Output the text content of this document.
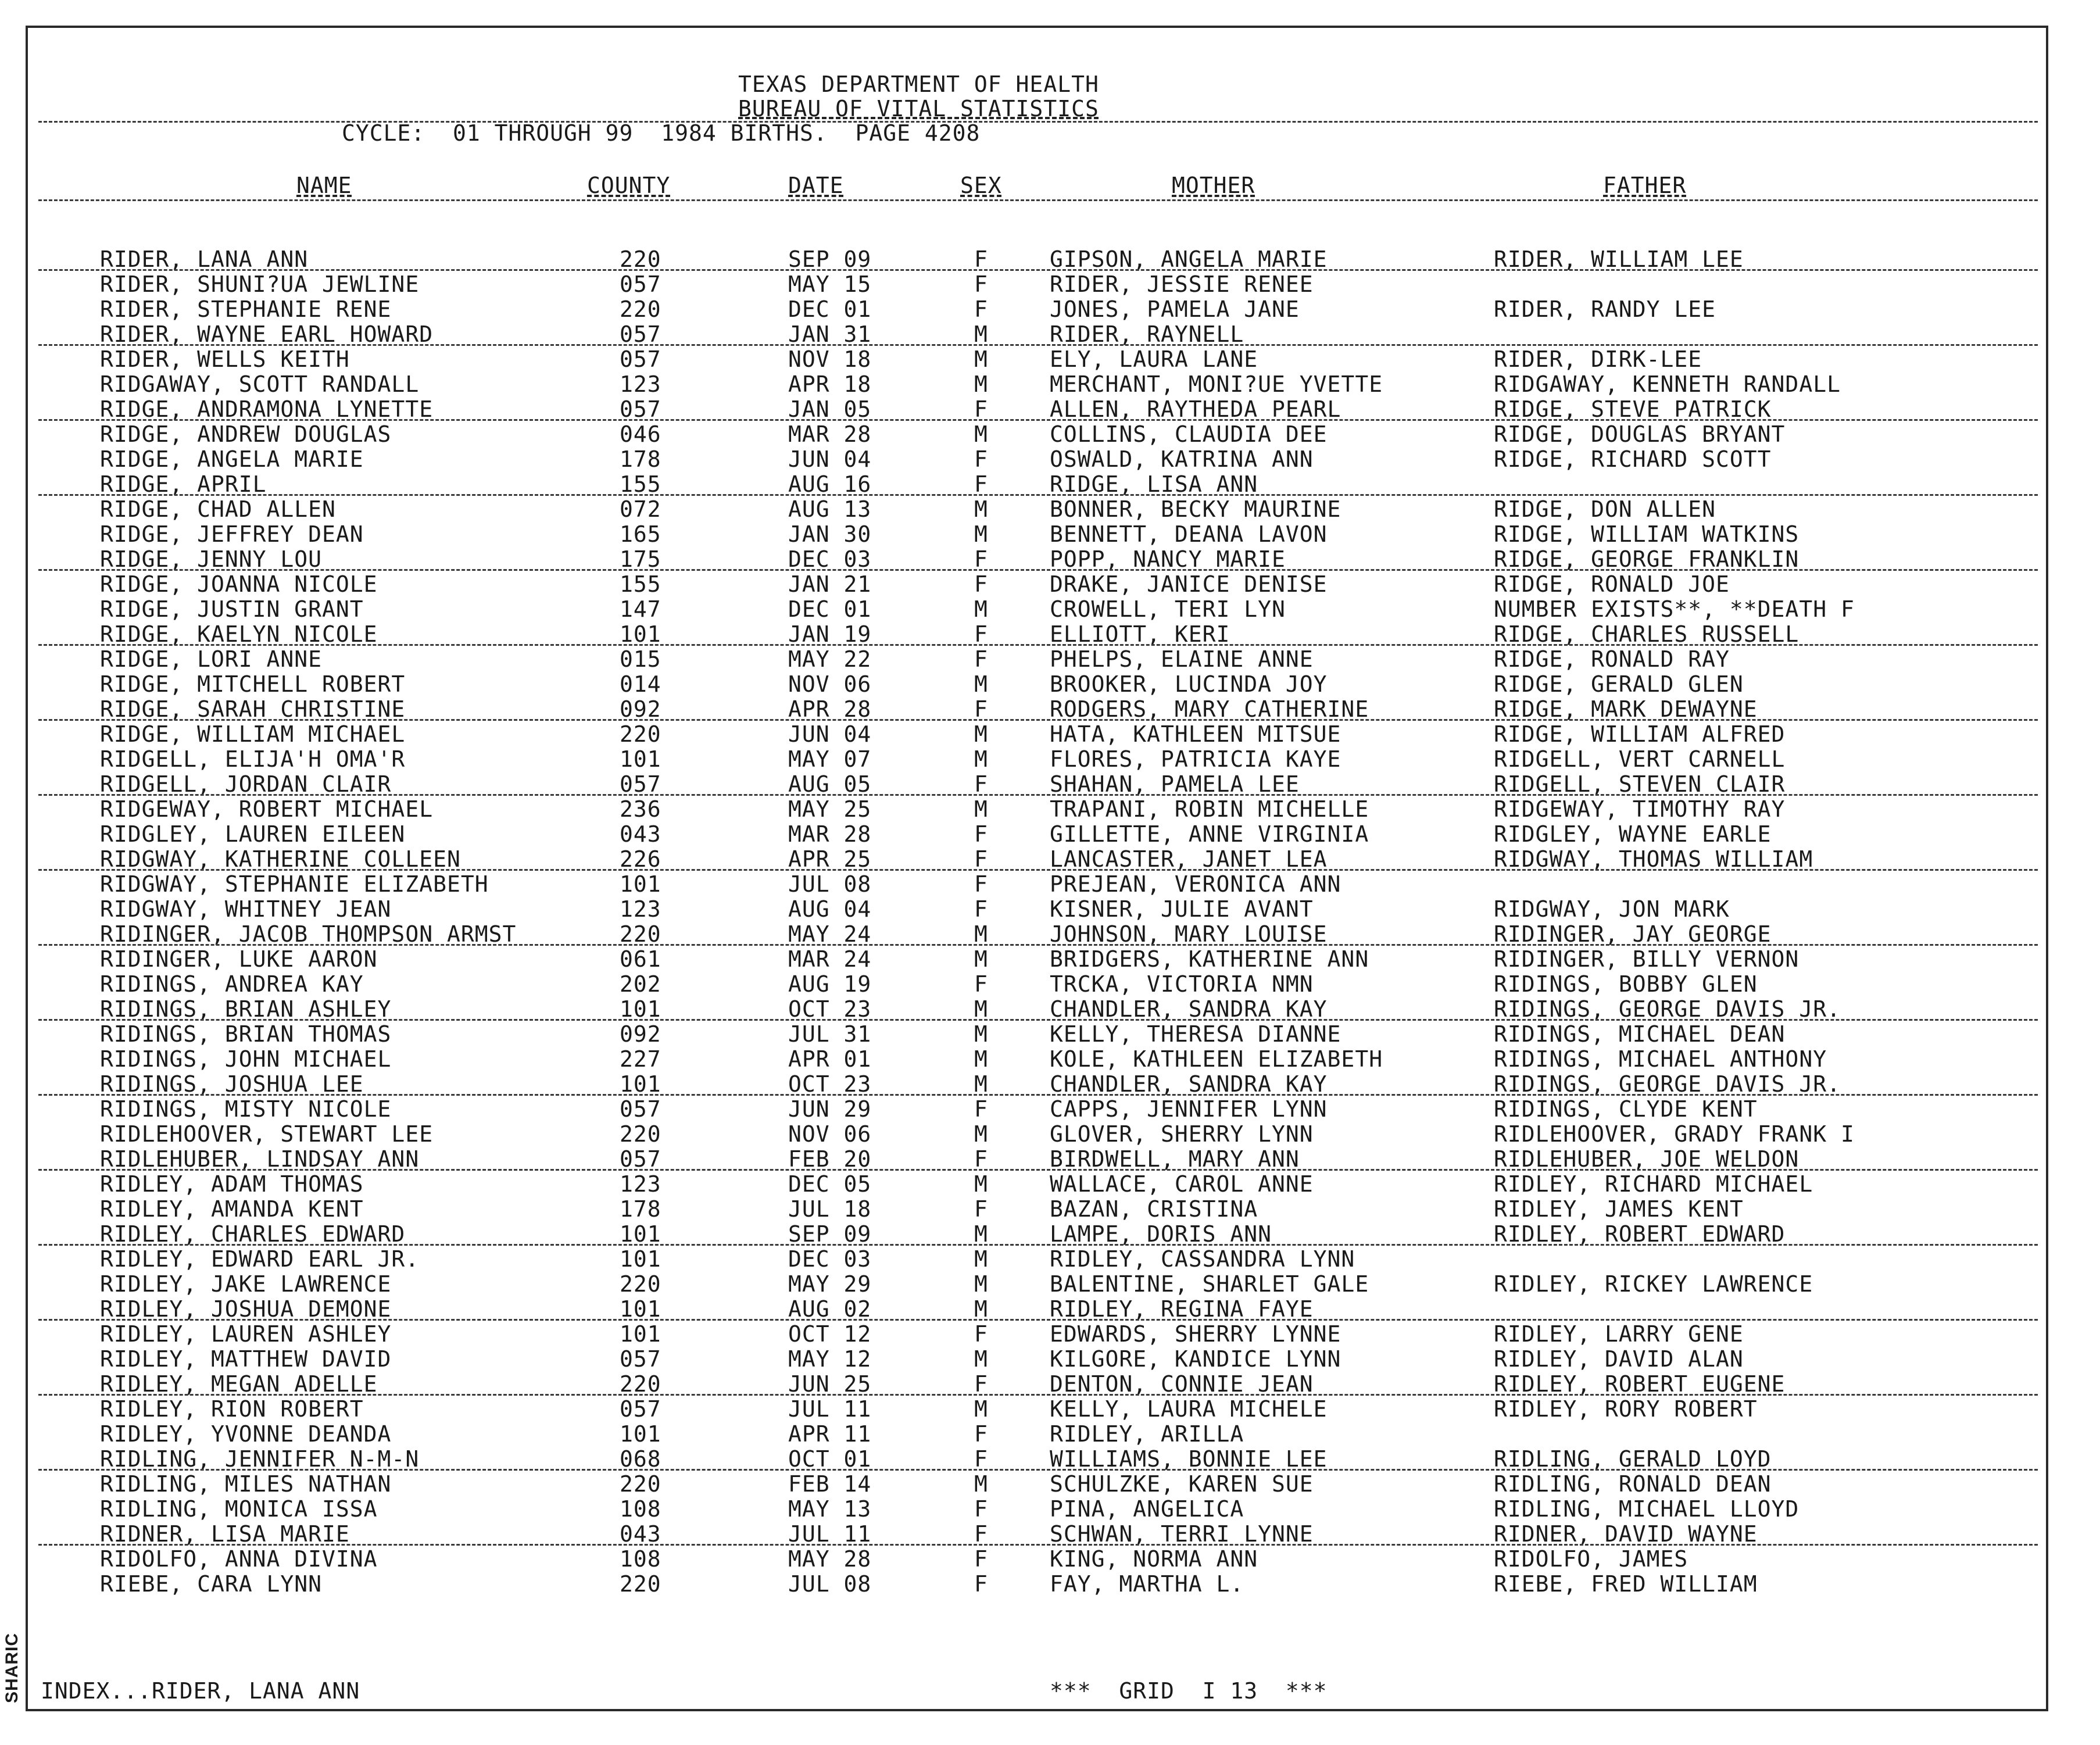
SHARIC
TEXAS DEPARTMENT OF HEALTH
BUREAU OF VITAL STATISTICS
CYCLE:  01 THROUGH 99  1984 BIRTHS.  PAGE 4208
NAME	COUNTY	DATE	SEX	MOTHER	FATHER
RIDER, LANA ANN	220	SEP 09	F	GIPSON, ANGELA MARIE	RIDER, WILLIAM LEE
RIDER, SHUNI?UA JEWLINE	057	MAY 15	F	RIDER, JESSIE RENEE
RIDER, STEPHANIE RENE	220	DEC 01	F	JONES, PAMELA JANE	RIDER, RANDY LEE
RIDER, WAYNE EARL HOWARD	057	JAN 31	M	RIDER, RAYNELL
RIDER, WELLS KEITH	057	NOV 18	M	ELY, LAURA LANE	RIDER, DIRK-LEE
RIDGAWAY, SCOTT RANDALL	123	APR 18	M	MERCHANT, MONI?UE YVETTE	RIDGAWAY, KENNETH RANDALL
RIDGE, ANDRAMONA LYNETTE	057	JAN 05	F	ALLEN, RAYTHEDA PEARL	RIDGE, STEVE PATRICK
RIDGE, ANDREW DOUGLAS	046	MAR 28	M	COLLINS, CLAUDIA DEE	RIDGE, DOUGLAS BRYANT
RIDGE, ANGELA MARIE	178	JUN 04	F	OSWALD, KATRINA ANN	RIDGE, RICHARD SCOTT
RIDGE, APRIL	155	AUG 16	F	RIDGE, LISA ANN
RIDGE, CHAD ALLEN	072	AUG 13	M	BONNER, BECKY MAURINE	RIDGE, DON ALLEN
RIDGE, JEFFREY DEAN	165	JAN 30	M	BENNETT, DEANA LAVON	RIDGE, WILLIAM WATKINS
RIDGE, JENNY LOU	175	DEC 03	F	POPP, NANCY MARIE	RIDGE, GEORGE FRANKLIN
RIDGE, JOANNA NICOLE	155	JAN 21	F	DRAKE, JANICE DENISE	RIDGE, RONALD JOE
RIDGE, JUSTIN GRANT	147	DEC 01	M	CROWELL, TERI LYN	NUMBER EXISTS**, **DEATH F
RIDGE, KAELYN NICOLE	101	JAN 19	F	ELLIOTT, KERI	RIDGE, CHARLES RUSSELL
RIDGE, LORI ANNE	015	MAY 22	F	PHELPS, ELAINE ANNE	RIDGE, RONALD RAY
RIDGE, MITCHELL ROBERT	014	NOV 06	M	BROOKER, LUCINDA JOY	RIDGE, GERALD GLEN
RIDGE, SARAH CHRISTINE	092	APR 28	F	RODGERS, MARY CATHERINE	RIDGE, MARK DEWAYNE
RIDGE, WILLIAM MICHAEL	220	JUN 04	M	HATA, KATHLEEN MITSUE	RIDGE, WILLIAM ALFRED
RIDGELL, ELIJA'H OMA'R	101	MAY 07	M	FLORES, PATRICIA KAYE	RIDGELL, VERT CARNELL
RIDGELL, JORDAN CLAIR	057	AUG 05	F	SHAHAN, PAMELA LEE	RIDGELL, STEVEN CLAIR
RIDGEWAY, ROBERT MICHAEL	236	MAY 25	M	TRAPANI, ROBIN MICHELLE	RIDGEWAY, TIMOTHY RAY
RIDGLEY, LAUREN EILEEN	043	MAR 28	F	GILLETTE, ANNE VIRGINIA	RIDGLEY, WAYNE EARLE
RIDGWAY, KATHERINE COLLEEN	226	APR 25	F	LANCASTER, JANET LEA	RIDGWAY, THOMAS WILLIAM
RIDGWAY, STEPHANIE ELIZABETH	101	JUL 08	F	PREJEAN, VERONICA ANN
RIDGWAY, WHITNEY JEAN	123	AUG 04	F	KISNER, JULIE AVANT	RIDGWAY, JON MARK
RIDINGER, JACOB THOMPSON ARMST	220	MAY 24	M	JOHNSON, MARY LOUISE	RIDINGER, JAY GEORGE
RIDINGER, LUKE AARON	061	MAR 24	M	BRIDGERS, KATHERINE ANN	RIDINGER, BILLY VERNON
RIDINGS, ANDREA KAY	202	AUG 19	F	TRCKA, VICTORIA NMN	RIDINGS, BOBBY GLEN
RIDINGS, BRIAN ASHLEY	101	OCT 23	M	CHANDLER, SANDRA KAY	RIDINGS, GEORGE DAVIS JR.
RIDINGS, BRIAN THOMAS	092	JUL 31	M	KELLY, THERESA DIANNE	RIDINGS, MICHAEL DEAN
RIDINGS, JOHN MICHAEL	227	APR 01	M	KOLE, KATHLEEN ELIZABETH	RIDINGS, MICHAEL ANTHONY
RIDINGS, JOSHUA LEE	101	OCT 23	M	CHANDLER, SANDRA KAY	RIDINGS, GEORGE DAVIS JR.
RIDINGS, MISTY NICOLE	057	JUN 29	F	CAPPS, JENNIFER LYNN	RIDINGS, CLYDE KENT
RIDLEHOOVER, STEWART LEE	220	NOV 06	M	GLOVER, SHERRY LYNN	RIDLEHOOVER, GRADY FRANK I
RIDLEHUBER, LINDSAY ANN	057	FEB 20	F	BIRDWELL, MARY ANN	RIDLEHUBER, JOE WELDON
RIDLEY, ADAM THOMAS	123	DEC 05	M	WALLACE, CAROL ANNE	RIDLEY, RICHARD MICHAEL
RIDLEY, AMANDA KENT	178	JUL 18	F	BAZAN, CRISTINA	RIDLEY, JAMES KENT
RIDLEY, CHARLES EDWARD	101	SEP 09	M	LAMPE, DORIS ANN	RIDLEY, ROBERT EDWARD
RIDLEY, EDWARD EARL JR.	101	DEC 03	M	RIDLEY, CASSANDRA LYNN
RIDLEY, JAKE LAWRENCE	220	MAY 29	M	BALENTINE, SHARLET GALE	RIDLEY, RICKEY LAWRENCE
RIDLEY, JOSHUA DEMONE	101	AUG 02	M	RIDLEY, REGINA FAYE
RIDLEY, LAUREN ASHLEY	101	OCT 12	F	EDWARDS, SHERRY LYNNE	RIDLEY, LARRY GENE
RIDLEY, MATTHEW DAVID	057	MAY 12	M	KILGORE, KANDICE LYNN	RIDLEY, DAVID ALAN
RIDLEY, MEGAN ADELLE	220	JUN 25	F	DENTON, CONNIE JEAN	RIDLEY, ROBERT EUGENE
RIDLEY, RION ROBERT	057	JUL 11	M	KELLY, LAURA MICHELE	RIDLEY, RORY ROBERT
RIDLEY, YVONNE DEANDA	101	APR 11	F	RIDLEY, ARILLA
RIDLING, JENNIFER N-M-N	068	OCT 01	F	WILLIAMS, BONNIE LEE	RIDLING, GERALD LOYD
RIDLING, MILES NATHAN	220	FEB 14	M	SCHULZKE, KAREN SUE	RIDLING, RONALD DEAN
RIDLING, MONICA ISSA	108	MAY 13	F	PINA, ANGELICA	RIDLING, MICHAEL LLOYD
RIDNER, LISA MARIE	043	JUL 11	F	SCHWAN, TERRI LYNNE	RIDNER, DAVID WAYNE
RIDOLFO, ANNA DIVINA	108	MAY 28	F	KING, NORMA ANN	RIDOLFO, JAMES
RIEBE, CARA LYNN	220	JUL 08	F	FAY, MARTHA L.	RIEBE, FRED WILLIAM
INDEX...RIDER, LANA ANN	***  GRID  I 13  ***
